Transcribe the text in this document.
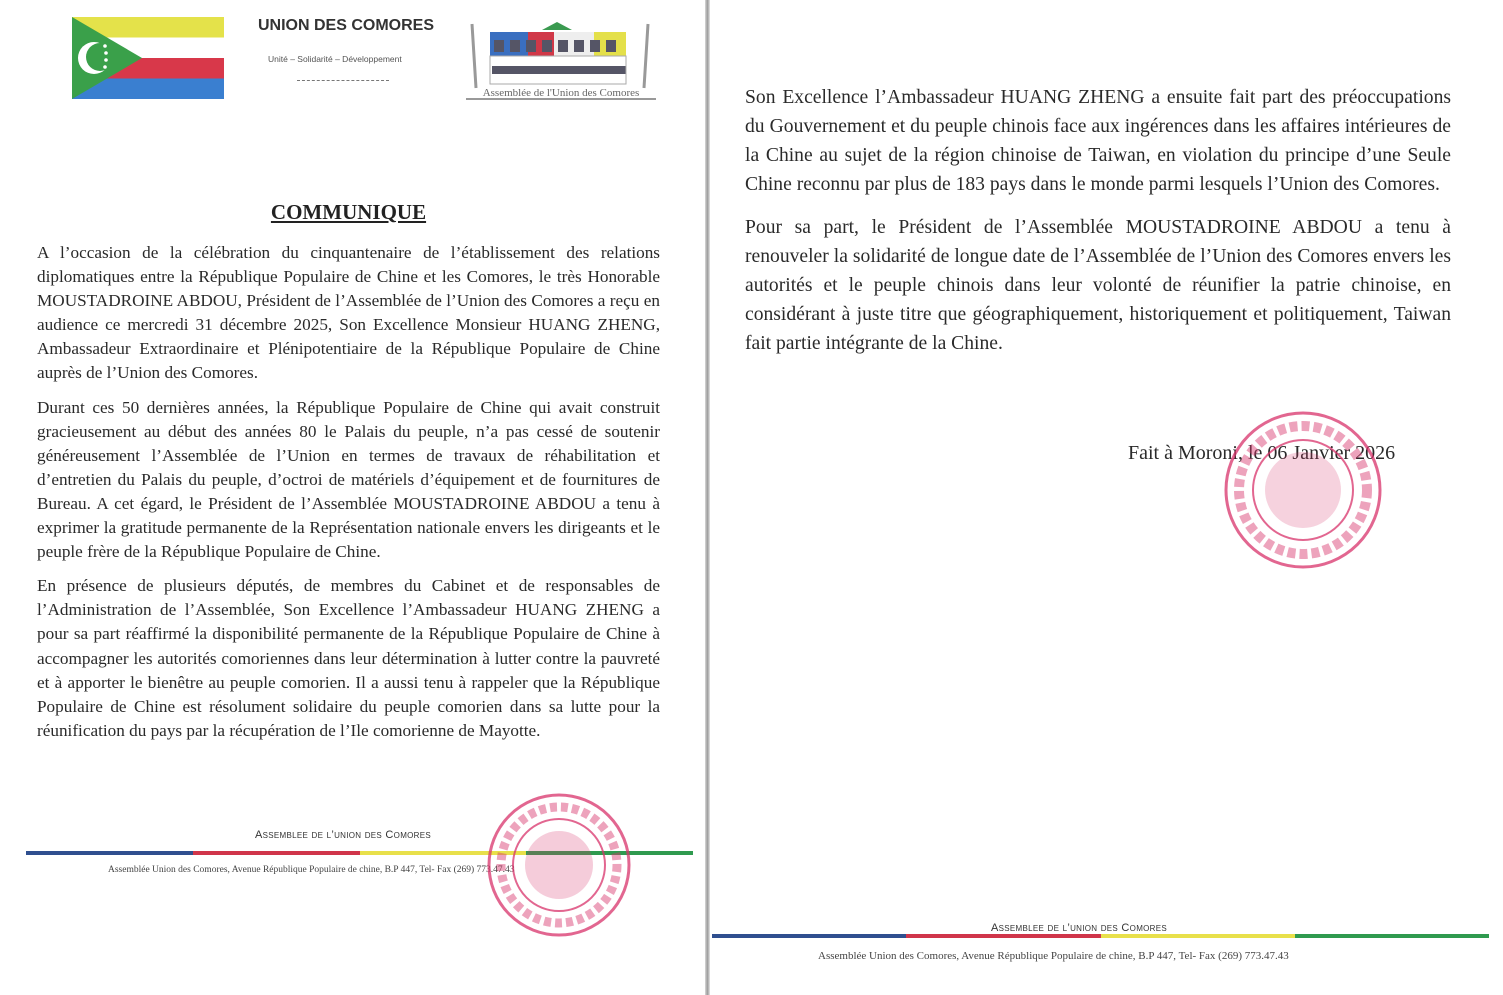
UNION DES COMORES
Unité – Solidarité – Développement
Assemblée de l'Union des Comores
COMMUNIQUE

A l’occasion de la célébration du cinquantenaire de l’établissement des relations diplomatiques entre la République Populaire de Chine et les Comores, le très Honorable MOUSTADROINE ABDOU, Président de l’Assemblée de l’Union des Comores a reçu en audience ce mercredi 31 décembre 2025, Son Excellence Monsieur HUANG ZHENG, Ambassadeur Extraordinaire et Plénipotentiaire de la République Populaire de Chine auprès de l’Union des Comores.

Durant ces 50 dernières années, la République Populaire de Chine qui avait construit gracieusement au début des années 80 le Palais du peuple, n’a pas cessé de soutenir généreusement l’Assemblée de l’Union en termes de travaux de réhabilitation et d’entretien du Palais du peuple, d’octroi de matériels d’équipement et de fournitures de Bureau. A cet égard, le Président de l’Assemblée MOUSTADROINE ABDOU a tenu à exprimer la gratitude permanente de la Représentation nationale envers les dirigeants et le peuple frère de la République Populaire de Chine.

En présence de plusieurs députés, de membres du Cabinet et de responsables de l’Administration de l’Assemblée, Son Excellence l’Ambassadeur HUANG ZHENG a pour sa part réaffirmé la disponibilité permanente de la République Populaire de Chine à accompagner les autorités comoriennes dans leur détermination à lutter contre la pauvreté et à apporter le bienêtre au peuple comorien. Il a aussi tenu à rappeler que la République Populaire de Chine est résolument solidaire du peuple comorien dans sa lutte pour la réunification du pays par la récupération de l’Ile comorienne de Mayotte.

Assemblee de l’union des Comores
Assemblée Union des Comores, Avenue République Populaire de chine, B.P 447, Tel- Fax (269) 773.47.43

Son Excellence l’Ambassadeur HUANG ZHENG a ensuite fait part des préoccupations du Gouvernement et du peuple chinois face aux ingérences dans les affaires intérieures de la Chine au sujet de la région chinoise de Taiwan, en violation du principe d’une Seule Chine reconnu par plus de 183 pays dans le monde parmi lesquels l’Union des Comores.

Pour sa part, le Président de l’Assemblée MOUSTADROINE ABDOU a tenu à renouveler la solidarité de longue date de l’Assemblée de l’Union des Comores envers les autorités et le peuple chinois dans leur volonté de réunifier la patrie chinoise, en considérant à juste titre que géographiquement, historiquement et politiquement, Taiwan fait partie intégrante de la Chine.

Fait à Moroni, le 06 Janvier 2026
Assemblee de l’union des Comores
Assemblée Union des Comores, Avenue République Populaire de chine, B.P 447, Tel- Fax (269) 773.47.43
